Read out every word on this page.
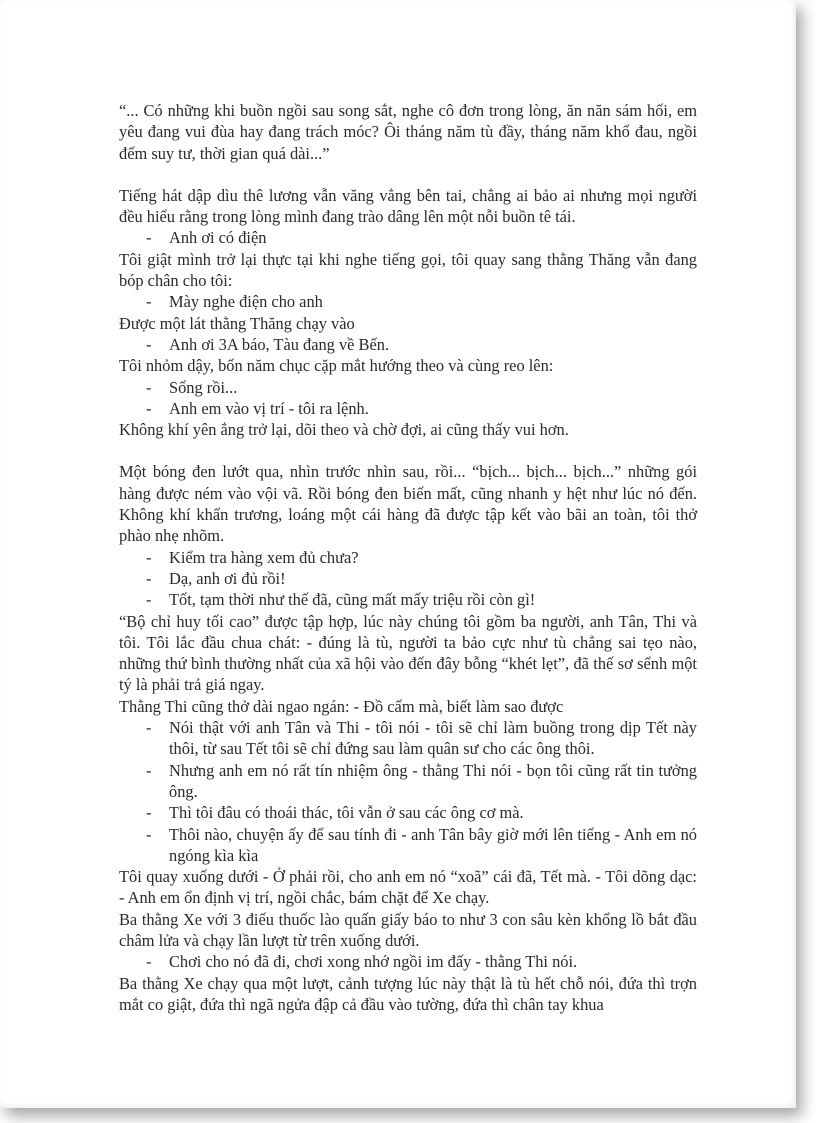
“... Có những khi buồn ngồi sau song sắt, nghe cô đơn trong lòng, ăn năn sám hối, em yêu đang vui đùa hay đang trách móc? Ôi tháng năm tù đầy, tháng năm khổ đau, ngồi đếm suy tư, thời gian quá dài...”
Tiếng hát dập dìu thê lương vẫn văng vẳng bên tai, chẳng ai bảo ai nhưng mọi người đều hiểu rằng trong lòng mình đang trào dâng lên một nỗi buồn tê tái.
- Anh ơi có điện
Tôi giật mình trở lại thực tại khi nghe tiếng gọi, tôi quay sang thằng Thăng vẫn đang bóp chân cho tôi:
- Mày nghe điện cho anh
Được một lát thằng Thăng chạy vào
- Anh ơi 3A báo, Tàu đang về Bến.
Tôi nhỏm dậy, bốn năm chục cặp mắt hướng theo và cùng reo lên:
- Sống rồi...
- Anh em vào vị trí - tôi ra lệnh.
Không khí yên ắng trở lại, dõi theo và chờ đợi, ai cũng thấy vui hơn.
Một bóng đen lướt qua, nhìn trước nhìn sau, rồi... “bịch... bịch... bịch...” những gói hàng được ném vào vội vã. Rồi bóng đen biến mất, cũng nhanh y hệt như lúc nó đến. Không khí khẩn trương, loáng một cái hàng đã được tập kết vào bãi an toàn, tôi thở phào nhẹ nhõm.
- Kiểm tra hàng xem đủ chưa?
- Dạ, anh ơi đủ rồi!
- Tốt, tạm thời như thế đã, cũng mất mấy triệu rồi còn gì!
“Bộ chỉ huy tối cao” được tập hợp, lúc này chúng tôi gồm ba người, anh Tân, Thi và tôi. Tôi lắc đầu chua chát: - đúng là tù, người ta bảo cực như tù chẳng sai tẹo nào, những thứ bình thường nhất của xã hội vào đến đây bỗng “khét lẹt”, đã thế sơ sểnh một tý là phải trả giá ngay.
Thằng Thi cũng thở dài ngao ngán: - Đồ cấm mà, biết làm sao được
- Nói thật với anh Tân và Thi - tôi nói - tôi sẽ chỉ làm buồng trong dịp Tết này thôi, từ sau Tết tôi sẽ chỉ đứng sau làm quân sư cho các ông thôi.
- Nhưng anh em nó rất tín nhiệm ông - thằng Thi nói - bọn tôi cũng rất tin tưởng ông.
- Thì tôi đâu có thoái thác, tôi vẫn ở sau các ông cơ mà.
- Thôi nào, chuyện ấy để sau tính đi - anh Tân bây giờ mới lên tiếng - Anh em nó ngóng kìa kìa
Tôi quay xuống dưới - Ở phải rồi, cho anh em nó “xoã” cái đã, Tết mà. - Tôi dõng dạc: - Anh em ổn định vị trí, ngồi chắc, bám chặt để Xe chạy.
Ba thằng Xe với 3 điếu thuốc lào quấn giấy báo to như 3 con sâu kèn khổng lồ bắt đầu châm lửa và chạy lần lượt từ trên xuống dưới.
- Chơi cho nó đã đi, chơi xong nhớ ngồi im đấy - thằng Thi nói.
Ba thằng Xe chạy qua một lượt, cảnh tượng lúc này thật là tù hết chỗ nói, đứa thì trợn mắt co giật, đứa thì ngã ngửa đập cả đầu vào tường, đứa thì chân tay khua
